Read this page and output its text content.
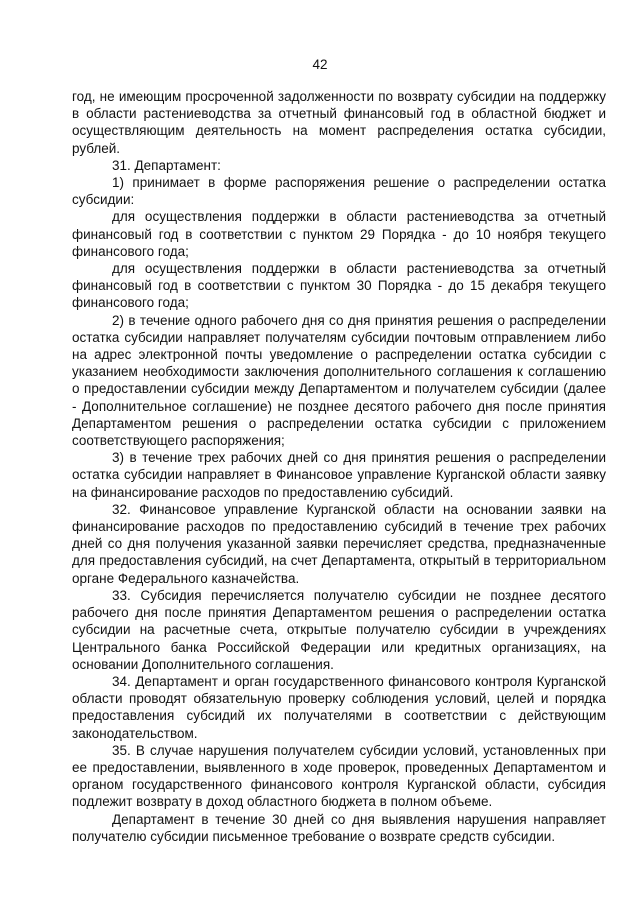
42

год, не имеющим просроченной задолженности по возврату субсидии на поддержку в области растениеводства за отчетный финансовый год в областной бюджет и осуществляющим деятельность на момент распределения остатка субсидии, рублей.

31. Департамент:

1) принимает в форме распоряжения решение о распределении остатка субсидии:

для осуществления поддержки в области растениеводства за отчетный финансовый год в соответствии с пунктом 29 Порядка - до 10 ноября текущего финансового года;

для осуществления поддержки в области растениеводства за отчетный финансовый год в соответствии с пунктом 30 Порядка - до 15 декабря текущего финансового года;

2) в течение одного рабочего дня со дня принятия решения о распределении остатка субсидии направляет получателям субсидии почтовым отправлением либо на адрес электронной почты уведомление о распределении остатка субсидии с указанием необходимости заключения дополнительного соглашения к соглашению о предоставлении субсидии между Департаментом и получателем субсидии (далее - Дополнительное соглашение) не позднее десятого рабочего дня после принятия Департаментом решения о распределении остатка субсидии с приложением соответствующего распоряжения;

3) в течение трех рабочих дней со дня принятия решения о распределении остатка субсидии направляет в Финансовое управление Курганской области заявку на финансирование расходов по предоставлению субсидий.

32. Финансовое управление Курганской области на основании заявки на финансирование расходов по предоставлению субсидий в течение трех рабочих дней со дня получения указанной заявки перечисляет средства, предназначенные для предоставления субсидий, на счет Департамента, открытый в территориальном органе Федерального казначейства.

33. Субсидия перечисляется получателю субсидии не позднее десятого рабочего дня после принятия Департаментом решения о распределении остатка субсидии на расчетные счета, открытые получателю субсидии в учреждениях Центрального банка Российской Федерации или кредитных организациях, на основании Дополнительного соглашения.

34. Департамент и орган государственного финансового контроля Курганской области проводят обязательную проверку соблюдения условий, целей и порядка предоставления субсидий их получателями в соответствии с действующим законодательством.

35. В случае нарушения получателем субсидии условий, установленных при ее предоставлении, выявленного в ходе проверок, проведенных Департаментом и органом государственного финансового контроля Курганской области, субсидия подлежит возврату в доход областного бюджета в полном объеме.

Департамент в течение 30 дней со дня выявления нарушения направляет получателю субсидии письменное требование о возврате средств субсидии.
